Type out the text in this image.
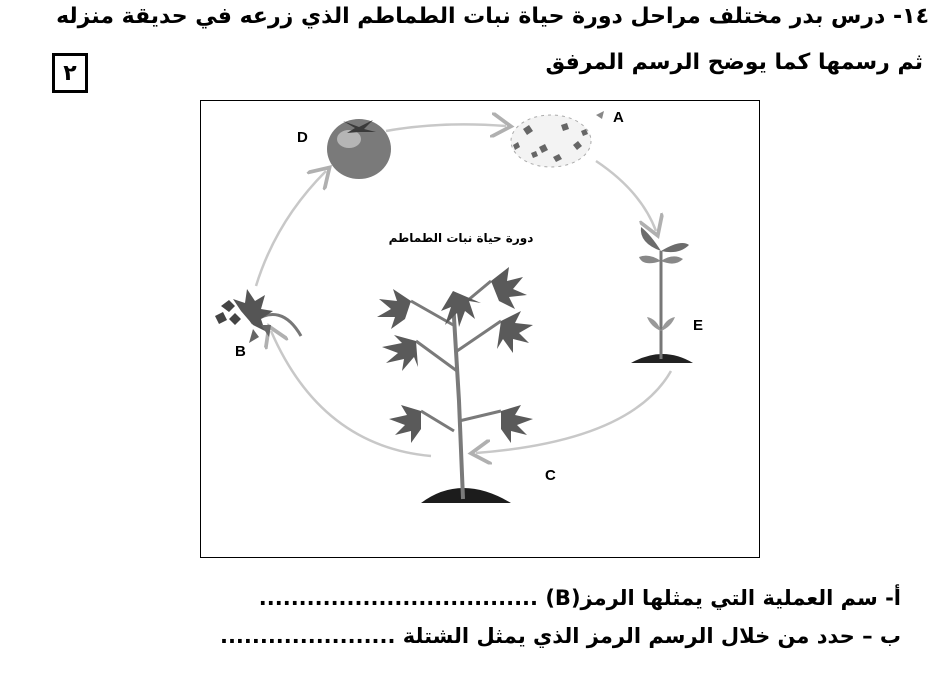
١٤- درس بدر مختلف مراحل دورة حياة نبات الطماطم الذي زرعه في حديقة منزله
ثم رسمها كما يوضح الرسم المرفق
٢
دورة حياة نبات الطماطم
D
A
E
C
B
أ- سم العملية التي يمثلها الرمز(B) ...................................
ب – حدد من خلال الرسم الرمز الذي يمثل الشتلة ......................
